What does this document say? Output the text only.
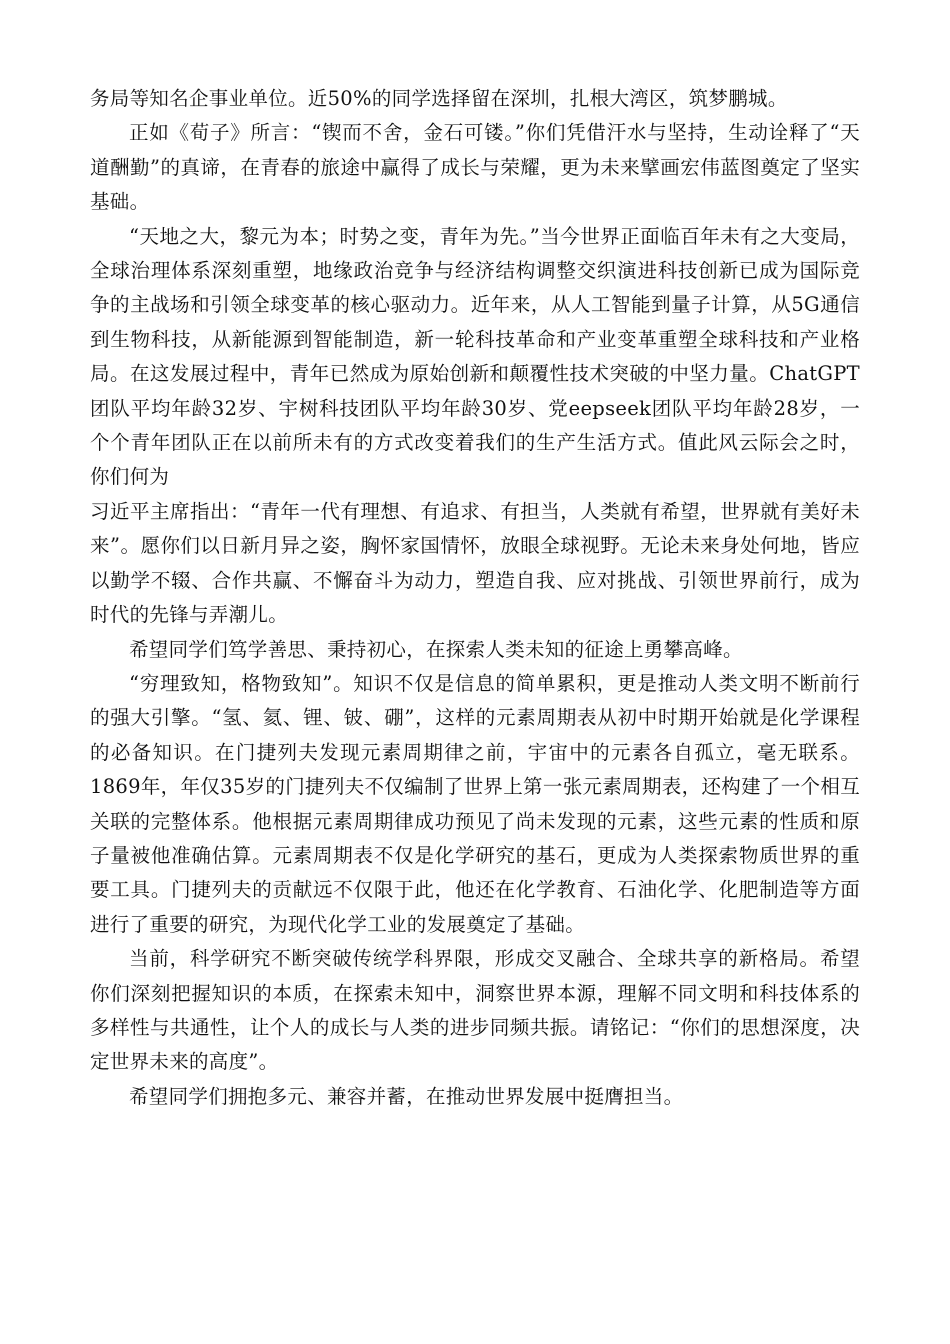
务局等知名企事业单位。近50%的同学选择留在深圳，扎根大湾区，筑梦鹏城。

正如《荀子》所言：“锲而不舍，金石可镂。”你们凭借汗水与坚持，生动诠释了“天道酬勤”的真谛，在青春的旅途中赢得了成长与荣耀，更为未来擘画宏伟蓝图奠定了坚实基础。

“天地之大，黎元为本；时势之变，青年为先。”当今世界正面临百年未有之大变局，全球治理体系深刻重塑，地缘政治竞争与经济结构调整交织演进科技创新已成为国际竞争的主战场和引领全球变革的核心驱动力。近年来，从人工智能到量子计算，从5G通信到生物科技，从新能源到智能制造，新一轮科技革命和产业变革重塑全球科技和产业格局。在这发展过程中，青年已然成为原始创新和颠覆性技术突破的中坚力量。ChatGPT团队平均年龄32岁、宇树科技团队平均年龄30岁、党eepseek团队平均年龄28岁，一个个青年团队正在以前所未有的方式改变着我们的生产生活方式。值此风云际会之时，你们何为

习近平主席指出：“青年一代有理想、有追求、有担当，人类就有希望，世界就有美好未来”。愿你们以日新月异之姿，胸怀家国情怀，放眼全球视野。无论未来身处何地，皆应以勤学不辍、合作共赢、不懈奋斗为动力，塑造自我、应对挑战、引领世界前行，成为时代的先锋与弄潮儿。

希望同学们笃学善思、秉持初心，在探索人类未知的征途上勇攀高峰。

“穷理致知，格物致知”。知识不仅是信息的简单累积，更是推动人类文明不断前行的强大引擎。“氢、氦、锂、铍、硼”，这样的元素周期表从初中时期开始就是化学课程的必备知识。在门捷列夫发现元素周期律之前，宇宙中的元素各自孤立，毫无联系。1869年，年仅35岁的门捷列夫不仅编制了世界上第一张元素周期表，还构建了一个相互关联的完整体系。他根据元素周期律成功预见了尚未发现的元素，这些元素的性质和原子量被他准确估算。元素周期表不仅是化学研究的基石，更成为人类探索物质世界的重要工具。门捷列夫的贡献远不仅限于此，他还在化学教育、石油化学、化肥制造等方面进行了重要的研究，为现代化学工业的发展奠定了基础。

当前，科学研究不断突破传统学科界限，形成交叉融合、全球共享的新格局。希望你们深刻把握知识的本质，在探索未知中，洞察世界本源，理解不同文明和科技体系的多样性与共通性，让个人的成长与人类的进步同频共振。请铭记：“你们的思想深度，决定世界未来的高度”。

希望同学们拥抱多元、兼容并蓄，在推动世界发展中挺膺担当。
